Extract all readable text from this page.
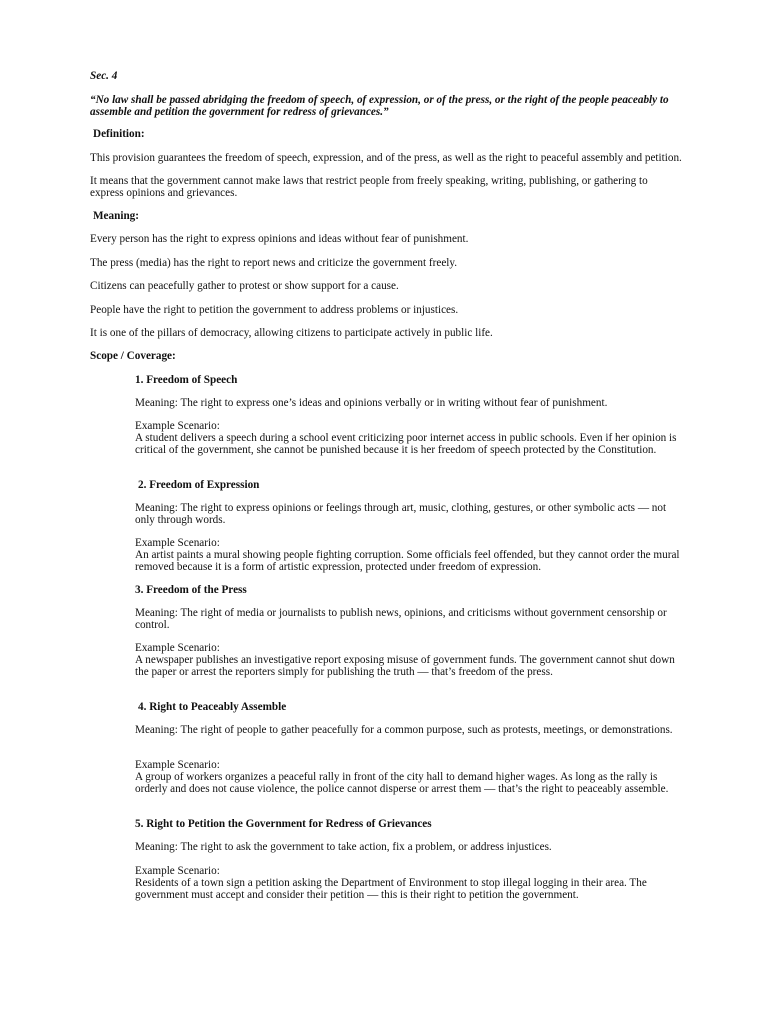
Sec. 4

“No law shall be passed abridging the freedom of speech, of expression, or of the press, or the right of the people peaceably to assemble and petition the government for redress of grievances.”

Definition:

This provision guarantees the freedom of speech, expression, and of the press, as well as the right to peaceful assembly and petition.

It means that the government cannot make laws that restrict people from freely speaking, writing, publishing, or gathering to express opinions and grievances.

Meaning:

Every person has the right to express opinions and ideas without fear of punishment.

The press (media) has the right to report news and criticize the government freely.

Citizens can peacefully gather to protest or show support for a cause.

People have the right to petition the government to address problems or injustices.

It is one of the pillars of democracy, allowing citizens to participate actively in public life.

Scope / Coverage:

1. Freedom of Speech

Meaning: The right to express one’s ideas and opinions verbally or in writing without fear of punishment.

Example Scenario:

A student delivers a speech during a school event criticizing poor internet access in public schools. Even if her opinion is critical of the government, she cannot be punished because it is her freedom of speech protected by the Constitution.

2. Freedom of Expression

Meaning: The right to express opinions or feelings through art, music, clothing, gestures, or other symbolic acts — not only through words.

Example Scenario:

An artist paints a mural showing people fighting corruption. Some officials feel offended, but they cannot order the mural removed because it is a form of artistic expression, protected under freedom of expression.

3. Freedom of the Press

Meaning: The right of media or journalists to publish news, opinions, and criticisms without government censorship or control.

Example Scenario:

A newspaper publishes an investigative report exposing misuse of government funds. The government cannot shut down the paper or arrest the reporters simply for publishing the truth — that’s freedom of the press.

4. Right to Peaceably Assemble

Meaning: The right of people to gather peacefully for a common purpose, such as protests, meetings, or demonstrations.

Example Scenario:

A group of workers organizes a peaceful rally in front of the city hall to demand higher wages. As long as the rally is orderly and does not cause violence, the police cannot disperse or arrest them — that’s the right to peaceably assemble.

5. Right to Petition the Government for Redress of Grievances

Meaning: The right to ask the government to take action, fix a problem, or address injustices.

Example Scenario:

Residents of a town sign a petition asking the Department of Environment to stop illegal logging in their area. The government must accept and consider their petition — this is their right to petition the government.
